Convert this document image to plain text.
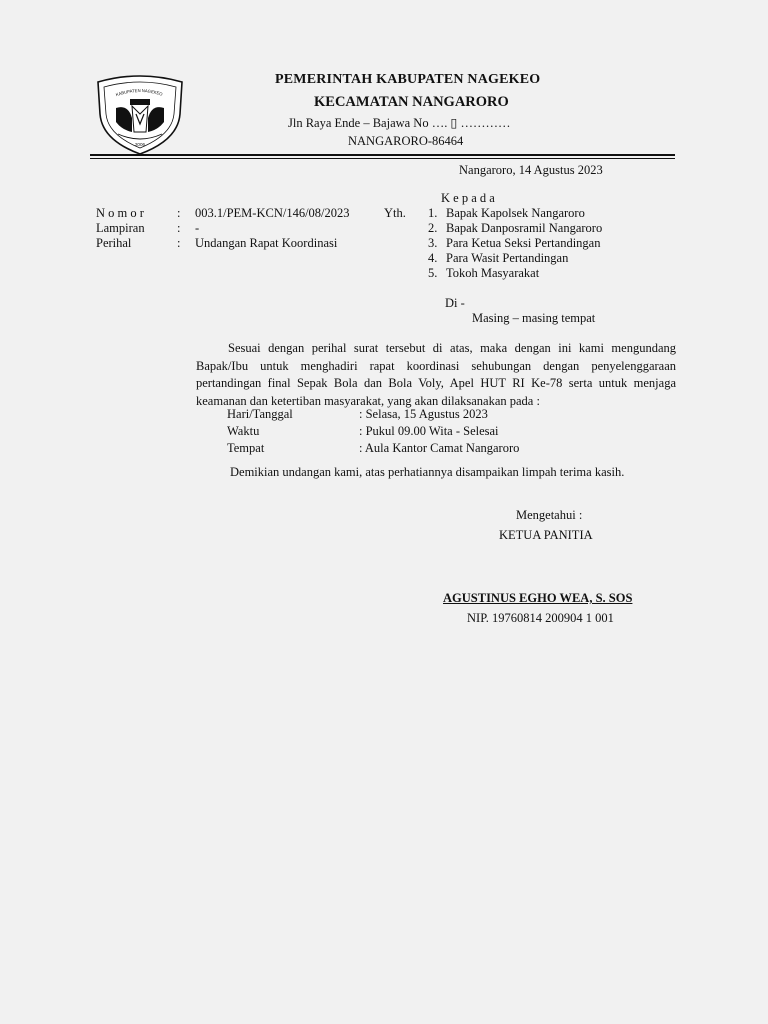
KABUPATEN NAGEKEO
2006
PEMERINTAH KABUPATEN NAGEKEO
KECAMATAN NANGARORO
Jln Raya Ende – Bajawa No …. ▯ …………
NANGARORO-86464
Nangaroro, 14 Agustus 2023
K e p a d a
N o m o r	: 003.1/PEM-KCN/146/08/2023
Lampiran	: -
Perihal	: Undangan Rapat Koordinasi
Yth. 1. Bapak Kapolsek Nangaroro
2. Bapak Danposramil Nangaroro
3. Para Ketua Seksi Pertandingan
4. Para Wasit Pertandingan
5. Tokoh Masyarakat
Di -
Masing – masing tempat
Sesuai dengan perihal surat tersebut di atas, maka dengan ini kami mengundang Bapak/Ibu untuk menghadiri rapat koordinasi sehubungan dengan penyelenggaraan pertandingan final Sepak Bola dan Bola Voly, Apel HUT RI Ke-78 serta untuk menjaga keamanan dan ketertiban masyarakat, yang akan dilaksanakan pada :
Hari/Tanggal	: Selasa, 15 Agustus 2023
Waktu	: Pukul 09.00 Wita - Selesai
Tempat	: Aula Kantor Camat Nangaroro
Demikian undangan kami, atas perhatiannya disampaikan limpah terima kasih.
Mengetahui :
KETUA PANITIA
AGUSTINUS EGHO WEA, S. SOS
NIP. 19760814 200904 1 001
